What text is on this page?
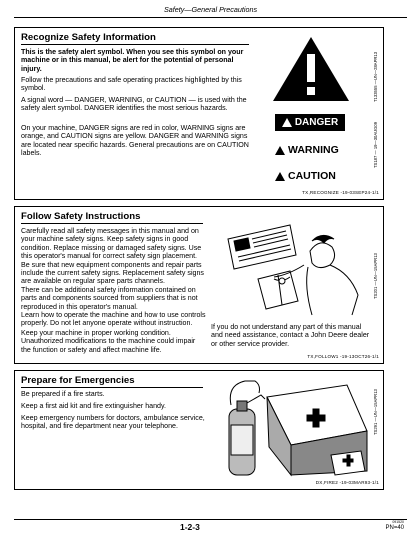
Safety—General Precautions
Recognize Safety Information
This is the safety alert symbol. When you see this symbol on your machine or in this manual, be alert for the potential of personal injury.
Follow the precautions and safe operating practices highlighted by this symbol.
A signal word — DANGER, WARNING, or CAUTION — is used with the safety alert symbol. DANGER identifies the most serious hazards.
On your machine, DANGER signs are red in color, WARNING signs are orange, and CAUTION signs are yellow. DANGER and WARNING signs are located near specific hazards. General precautions are on CAUTION labels.
DANGER
WARNING
CAUTION
T133555 —UN—28APR13
TS187 — 19—30AUG09
TX,RECOGNIZE -19-03SEP24-1/1
Follow Safety Instructions
Carefully read all safety messages in this manual and on your machine safety signs. Keep safety signs in good condition. Replace missing or damaged safety signs. Use this operator's manual for correct safety sign placement. Be sure that new equipment components and repair parts include the current safety signs. Replacement safety signs are available on regular spare parts channels.
There can be additional safety information contained on parts and components sourced from suppliers that is not reproduced in this operator's manual.
Learn how to operate the machine and how to use controls properly. Do not let anyone operate without instruction.
Keep your machine in proper working condition. Unauthorized modifications to the machine could impair the function or safety and affect machine life.
If you do not understand any part of this manual and need assistance, contact a John Deere dealer or other service provider.
TS201 —UN—15APR13
TX,FOLLOW1 -19-13OCT26-1/1
Prepare for Emergencies
Be prepared if a fire starts.
Keep a first aid kit and fire extinguisher handy.
Keep emergency numbers for doctors, ambulance service, hospital, and fire department near your telephone.	TS291 —UN—15APR13
DX,FIRE2 -19-03MAR93-1/1
1-2-3	091520
PN=40
